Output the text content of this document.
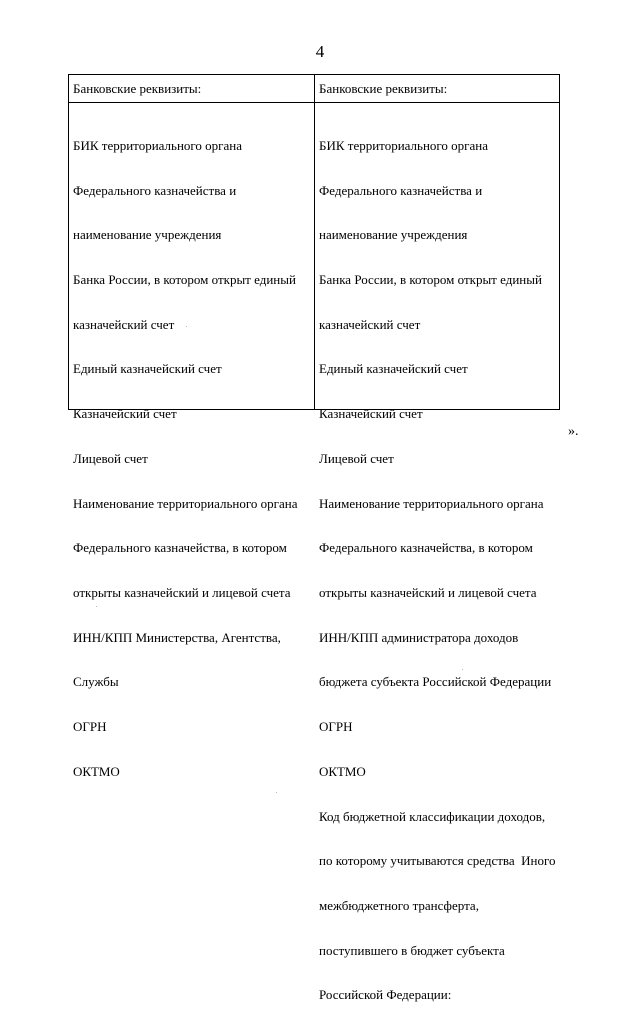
4
Банковские реквизиты:	Банковские реквизиты:

БИК территориального органа

Федерального казначейства и

наименование учреждения

Банка России, в котором открыт единый

казначейский счет

Единый казначейский счет

Казначейский счет

Лицевой счет

Наименование территориального органа

Федерального казначейства, в котором

открыты казначейский и лицевой счета

ИНН/КПП Министерства, Агентства,

Службы

ОГРН

ОКТМО

БИК территориального органа

Федерального казначейства и

наименование учреждения

Банка России, в котором открыт единый

казначейский счет

Единый казначейский счет

Казначейский счет

Лицевой счет

Наименование территориального органа

Федерального казначейства, в котором

открыты казначейский и лицевой счета

ИНН/КПП администратора доходов

бюджета субъекта Российской Федерации

ОГРН

ОКТМО

Код бюджетной классификации доходов,

по которому учитываются средства  Иного

межбюджетного трансферта,

поступившего в бюджет субъекта

Российской Федерации:

».
